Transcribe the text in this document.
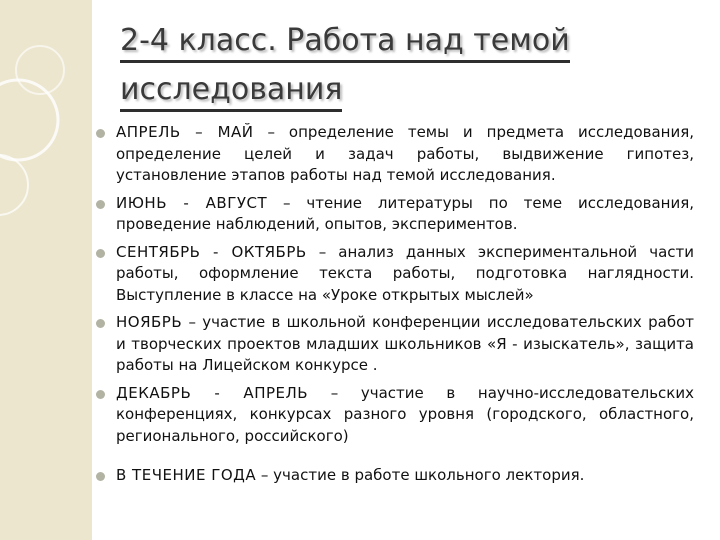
2-4 класс. Работа над темой
исследования
АПРЕЛЬ – МАЙ – определение темы и предмета исследования, определение целей и задач работы, выдвижение гипотез, установление этапов работы над темой исследования.
ИЮНЬ - АВГУСТ – чтение литературы по теме исследования, проведение наблюдений, опытов, экспериментов.
СЕНТЯБРЬ - ОКТЯБРЬ – анализ данных экспериментальной части работы, оформление текста работы, подготовка наглядности. Выступление в классе на «Уроке открытых мыслей»
НОЯБРЬ – участие в школьной конференции исследовательских работ и творческих проектов младших школьников «Я - изыскатель», защита работы на Лицейском конкурсе .
ДЕКАБРЬ - АПРЕЛЬ – участие в научно-исследовательских конференциях, конкурсах разного уровня (городского, областного, регионального, российского)
В ТЕЧЕНИЕ ГОДА – участие в работе школьного лектория.
